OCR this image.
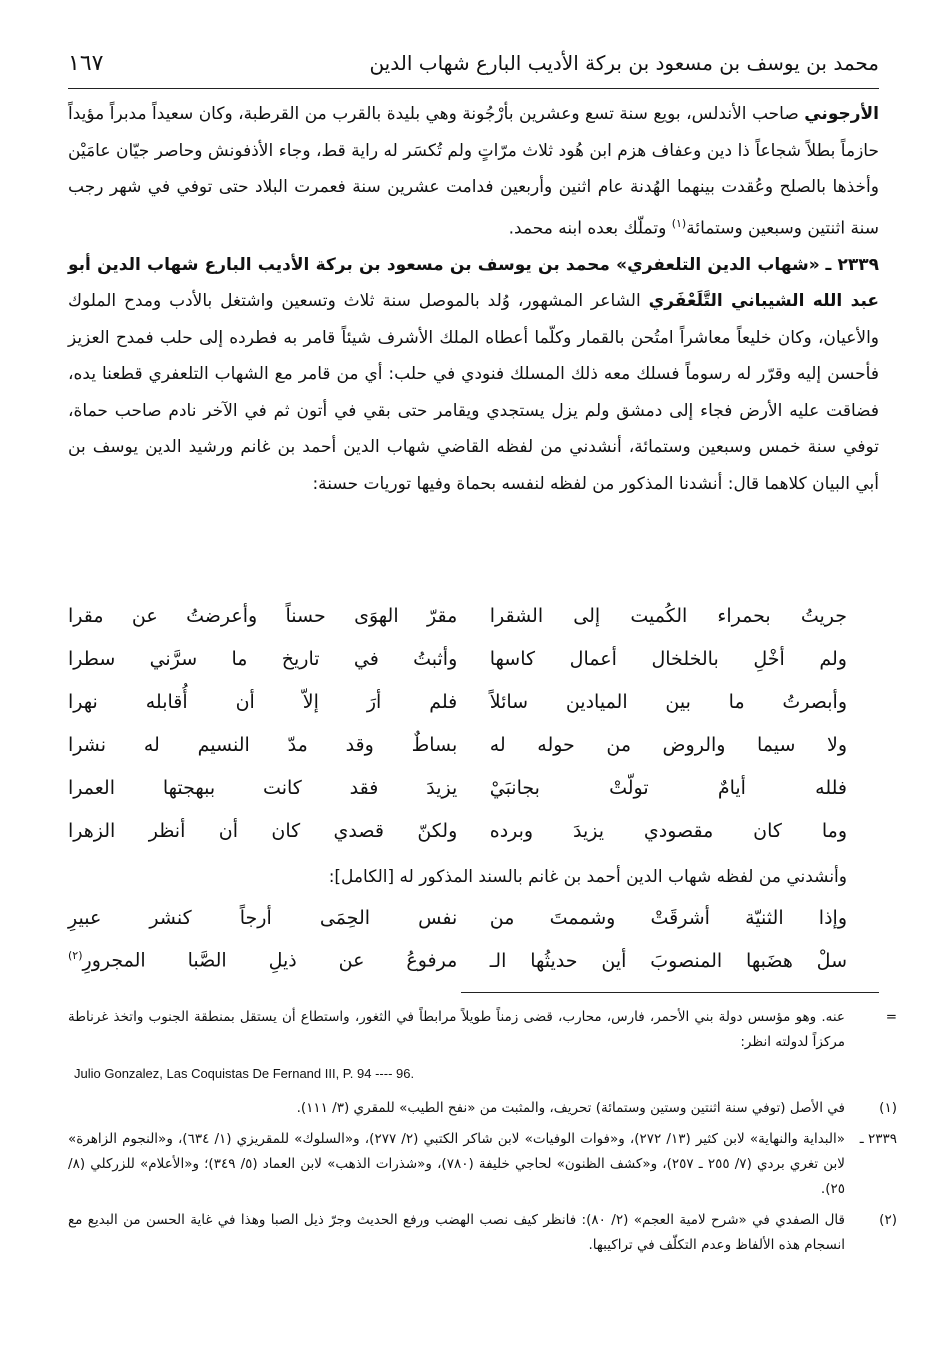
١٦٧	محمد بن يوسف بن مسعود بن بركة الأديب البارع شهاب الدين

الأرجوني صاحب الأندلس، بويع سنة تسع وعشرين بأرْجُونة وهي بليدة بالقرب من القرطبة، وكان سعيداً مدبراً مؤيداً حازماً بطلاً شجاعاً ذا دين وعفاف هزم ابن هُود ثلاث مرّاتٍ ولم تُكسَر له راية قط، وجاء الأذفونش وحاصر جيّان عامَيْن وأخذها بالصلح وعُقدت بينهما الهُدنة عام اثنين وأربعين فدامت عشرين سنة فعمرت البلاد حتى توفي في شهر رجب سنة اثنتين وسبعين وستمائة$^{(١)}$ وتملّك بعده ابنه محمد.

٢٣٣٩ ـ «شهاب الدين التلعفري» محمد بن يوسف بن مسعود بن بركة الأديب البارع شهاب الدين أبو عبد الله الشيباني التَّلَعْفَري الشاعر المشهور، وُلد بالموصل سنة ثلاث وتسعين واشتغل بالأدب ومدح الملوك والأعيان، وكان خليعاً معاشراً امتُحن بالقمار وكلّما أعطاه الملك الأشرف شيئاً قامر به فطرده إلى حلب فمدح العزيز فأحسن إليه وقرّر له رسوماً فسلك معه ذلك المسلك فنودي في حلب: أي من قامر مع الشهاب التلعفري قطعنا يده، فضاقت عليه الأرض فجاء إلى دمشق ولم يزل يستجدي ويقامر حتى بقي في أتون ثم في الآخر نادم صاحب حماة، توفي سنة خمس وسبعين وستمائة، أنشدني من لفظه القاضي شهاب الدين أحمد بن غانم ورشيد الدين يوسف بن أبي البيان كلاهما قال: أنشدنا المذكور من لفظه لنفسه بحماة وفيها توريات حسنة:

جريتُ بحمراء الكُميت إلى الشقرا
مقرّ الهوَى حسناً وأعرضتُ عن مقرا
ولم أخْلِ بالخلخال أعمال كاسها
وأثبتُ في تاريخ ما سرَّني سطرا
وأبصرتُ ما بين الميادين سائلاً
فلم أرَ إلاّ أن أُقابله نهرا
ولا سيما والروض من حوله له
بساطٌ وقد مدّ النسيم له نشرا
فلله أيامٌ تولّتْ بجانبَيْ
يزيدَ فقد كانت ببهجتها العمرا
وما كان مقصودي يزيدَ وبرده
ولكنّ قصدي كان أن أنظر الزهرا
وأنشدني من لفظه شهاب الدين أحمد بن غانم بالسند المذكور له [الكامل]:
وإذا الثنيّة أشرقَتْ وشممتَ من
نفس الحِمَى أرجاً كنشر عبيرِ
سلْ هضَبها المنصوبَ أين حديثُها الـ
مرفوعُ عن ذيلِ الصَّبا المجرورِ$^{(٢)}$
=
عنه. وهو مؤسس دولة بني الأحمر، فارس، محارب، قضى زمناً طويلاً مرابطاً في الثغور، واستطاع أن يستقل بمنطقة الجنوب واتخذ غرناطة مركزاً لدولته انظر:
Julio Gonzalez, Las Coquistas De Fernand III, P. 94 ---- 96.
(١)
في الأصل (توفي سنة اثنتين وستين وستمائة) تحريف، والمثبت من «نفح الطيب» للمقري (٣/ ١١١).
٢٣٣٩ ـ
«البداية والنهاية» لابن كثير (١٣/ ٢٧٢)، و«فوات الوفيات» لابن شاكر الكتبي (٢/ ٢٧٧)، و«السلوك» للمقريزي (١/ ٦٣٤)، و«النجوم الزاهرة» لابن تغري بردي (٧/ ٢٥٥ ـ ٢٥٧)، و«كشف الظنون» لحاجي خليفة (٧٨٠)، و«شذرات الذهب» لابن العماد (٥/ ٣٤٩)؛ و«الأعلام» للزركلي (٨/ ٢٥).
(٢)
قال الصفدي في «شرح لامية العجم» (٢/ ٨٠): فانظر كيف نصب الهضب ورفع الحديث وجرّ ذيل الصبا وهذا في غاية الحسن من البديع مع انسجام هذه الألفاظ وعدم التكلّف في تراكيبها.
